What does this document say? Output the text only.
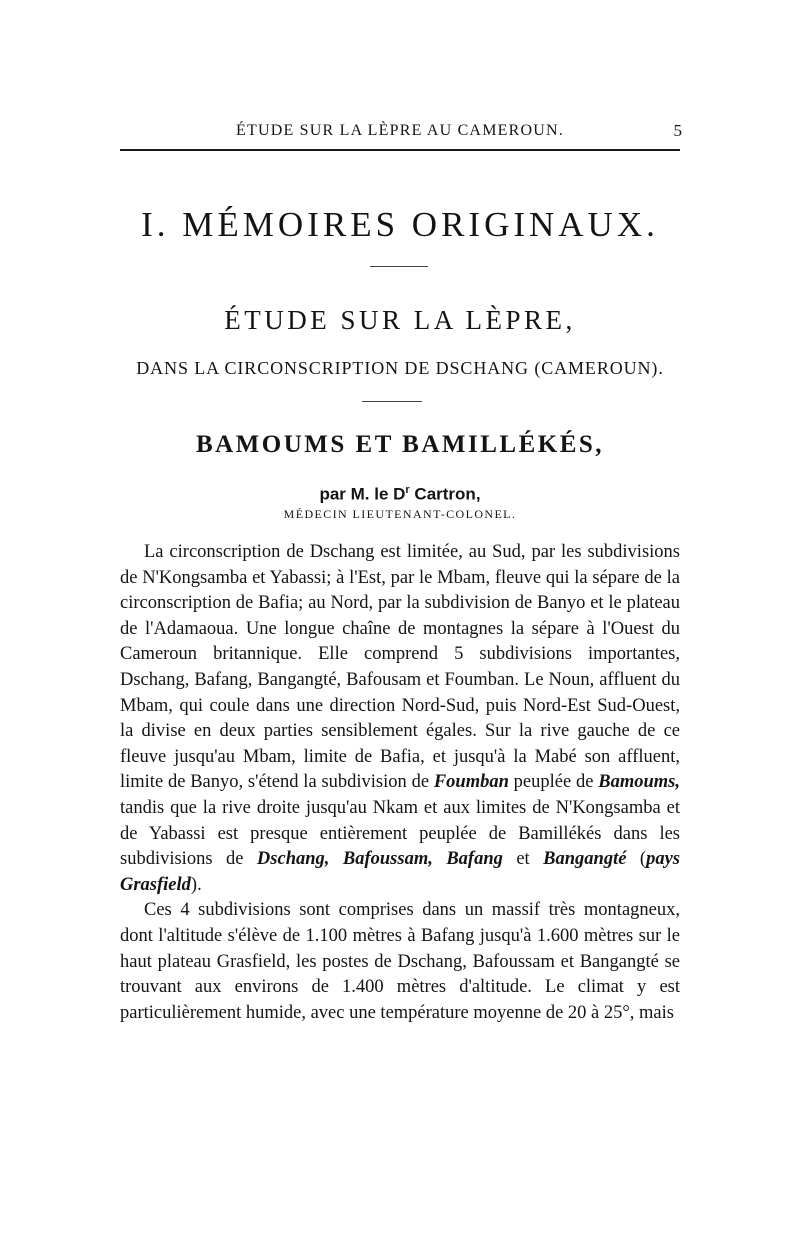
ÉTUDE SUR LA LÈPRE AU CAMEROUN.	5
I. MÉMOIRES ORIGINAUX.
ÉTUDE SUR LA LÈPRE,
DANS LA CIRCONSCRIPTION DE DSCHANG (CAMEROUN).
BAMOUMS ET BAMILLÉKÉS,
par M. le $D^r$ Cartron,
MÉDECIN LIEUTENANT-COLONEL.

La circonscription de Dschang est limitée, au Sud, par les subdivisions de N'Kongsamba et Yabassi; à l'Est, par le Mbam, fleuve qui la sépare de la circonscription de Bafia; au Nord, par la subdivision de Banyo et le plateau de l'Adamaoua. Une longue chaîne de montagnes la sépare à l'Ouest du Cameroun britannique. Elle comprend 5 subdivisions importantes, Dschang, Bafang, Bangangté, Bafousam et Foumban. Le Noun, affluent du Mbam, qui coule dans une direction Nord-Sud, puis Nord-Est Sud-Ouest, la divise en deux parties sensiblement égales. Sur la rive gauche de ce fleuve jusqu'au Mbam, limite de Bafia, et jusqu'à la Mabé son affluent, limite de Banyo, s'étend la subdivision de Foumban peuplée de Bamoums, tandis que la rive droite jusqu'au Nkam et aux limites de N'Kongsamba et de Yabassi est presque entièrement peuplée de Bamillékés dans les subdivisions de Dschang, Bafoussam, Bafang et Bangangté (pays Grasfield).

Ces 4 subdivisions sont comprises dans un massif très montagneux, dont l'altitude s'élève de 1.100 mètres à Bafang jusqu'à 1.600 mètres sur le haut plateau Grasfield, les postes de Dschang, Bafoussam et Bangangté se trouvant aux environs de 1.400 mètres d'altitude. Le climat y est particulièrement humide, avec une température moyenne de 20 à 25°, mais
